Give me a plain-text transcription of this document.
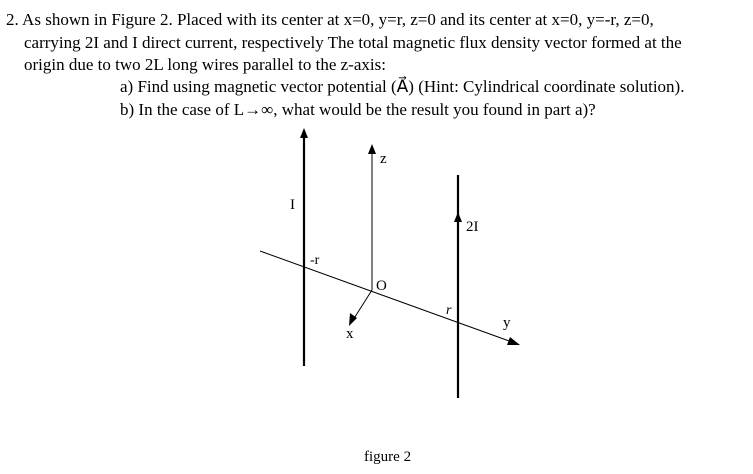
2. As shown in Figure 2. Placed with its center at x=0, y=r, z=0 and its center at x=0, y=-r, z=0,
carrying 2I and I direct current, respectively The total magnetic flux density vector formed at the
origin due to two 2L long wires parallel to the z-axis:
a) Find using magnetic vector potential (A⃗) (Hint: Cylindrical coordinate solution).
b) In the case of L→∞, what would be the result you found in part a)?
z
I
2I
-r
O
r
x
y
figure 2
